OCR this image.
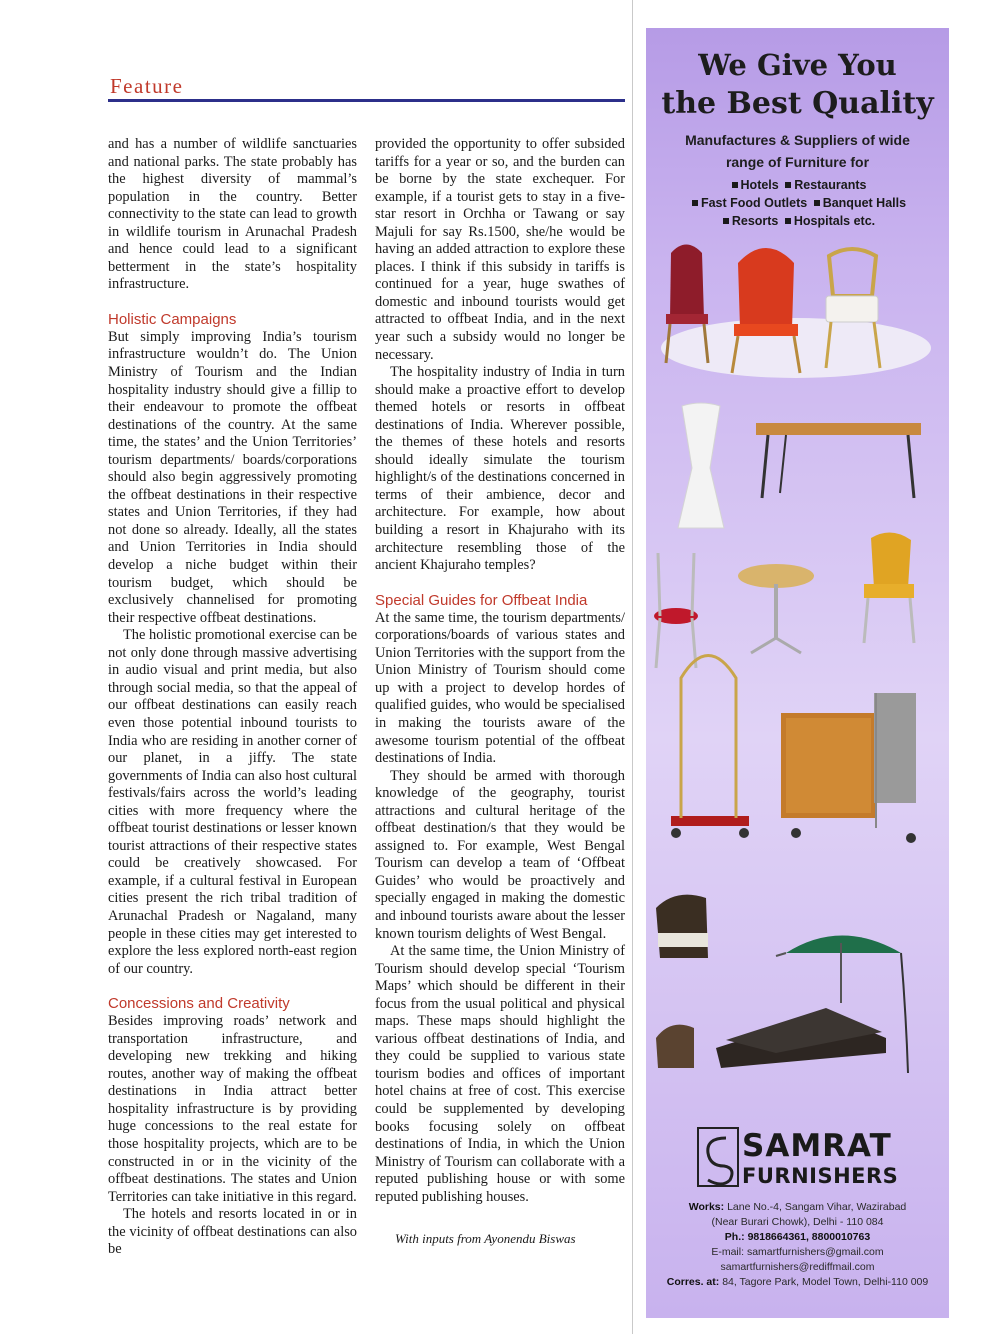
Feature

and has a number of wildlife sanctuaries and national parks. The state probably has the highest diversity of mammal’s population in the country. Better connectivity to the state can lead to growth in wildlife tourism in Arunachal Pradesh and hence could lead to a significant betterment in the state’s hospitality infrastructure.

Holistic Campaigns

But simply improving India’s tourism infrastructure wouldn’t do. The Union Ministry of Tourism and the Indian hospitality industry should give a fillip to their endeavour to promote the offbeat destinations of the country. At the same time, the states’ and the Union Territories’ tourism departments/ boards/corporations should also begin aggressively promoting the offbeat destinations in their respective states and Union Territories, if they had not done so already. Ideally, all the states and Union Territories in India should develop a niche budget within their tourism budget, which should be exclusively channelised for promoting their respective offbeat destinations.

The holistic promotional exercise can be not only done through massive advertising in audio visual and print media, but also through social media, so that the appeal of our offbeat destinations can easily reach even those potential inbound tourists to India who are residing in another corner of our planet, in a jiffy. The state governments of India can also host cultural festivals/fairs across the world’s leading cities with more frequency where the offbeat tourist destinations or lesser known tourist attractions of their respective states could be creatively showcased. For example, if a cultural festival in European cities present the rich tribal tradition of Arunachal Pradesh or Nagaland, many people in these cities may get interested to explore the less explored north-east region of our country.

Concessions and Creativity

Besides improving roads’ network and transportation infrastructure, and developing new trekking and hiking routes, another way of making the offbeat destinations in India attract better hospitality infrastructure is by providing huge concessions to the real estate for those hospitality projects, which are to be constructed in or in the vicinity of the offbeat destinations. The states and Union Territories can take initiative in this regard.

The hotels and resorts located in or in the vicinity of offbeat destinations can also be

provided the opportunity to offer subsided tariffs for a year or so, and the burden can be borne by the state exchequer. For example, if a tourist gets to stay in a five-star resort in Orchha or Tawang or say Majuli for say Rs.1500, she/he would be having an added attraction to explore these places. I think if this subsidy in tariffs is continued for a year, huge swathes of domestic and inbound tourists would get attracted to offbeat India, and in the next year such a subsidy would no longer be necessary.

The hospitality industry of India in turn should make a proactive effort to develop themed hotels or resorts in offbeat destinations of India. Wherever possible, the themes of these hotels and resorts should ideally simulate the tourism highlight/s of the destinations concerned in terms of their ambience, decor and architecture. For example, how about building a resort in Khajuraho with its architecture resembling those of the ancient Khajuraho temples?

Special Guides for Offbeat India

At the same time, the tourism departments/ corporations/boards of various states and Union Territories with the support from the Union Ministry of Tourism should come up with a project to develop hordes of qualified guides, who would be specialised in making the tourists aware of the awesome tourism potential of the offbeat destinations of India.

They should be armed with thorough knowledge of the geography, tourist attractions and cultural heritage of the offbeat destination/s that they would be assigned to. For example, West Bengal Tourism can develop a team of ‘Offbeat Guides’ who would be proactively and specially engaged in making the domestic and inbound tourists aware about the lesser known tourism delights of West Bengal.

At the same time, the Union Ministry of Tourism should develop special ‘Tourism Maps’ which should be different in their focus from the usual political and physical maps. These maps should highlight the various offbeat destinations of India, and they could be supplied to various state tourism bodies and offices of important hotel chains at free of cost. This exercise could be supplemented by developing books focusing solely on offbeat destinations of India, in which the Union Ministry of Tourism can collaborate with a reputed publishing house or with some reputed publishing houses.

With inputs from Ayonendu Biswas

We Give You
the Best Quality
Manufactures & Suppliers of wide
range of Furniture for
Hotels Restaurants
Fast Food Outlets Banquet Halls
Resorts Hospitals etc.
SAMRAT
FURNISHERS
Works: Lane No.-4, Sangam Vihar, Wazirabad
(Near Burari Chowk), Delhi - 110 084
Ph.: 9818664361, 8800010763
E-mail: samartfurnishers@gmail.com
samartfurnishers@rediffmail.com
Corres. at: 84, Tagore Park, Model Town, Delhi-110 009
